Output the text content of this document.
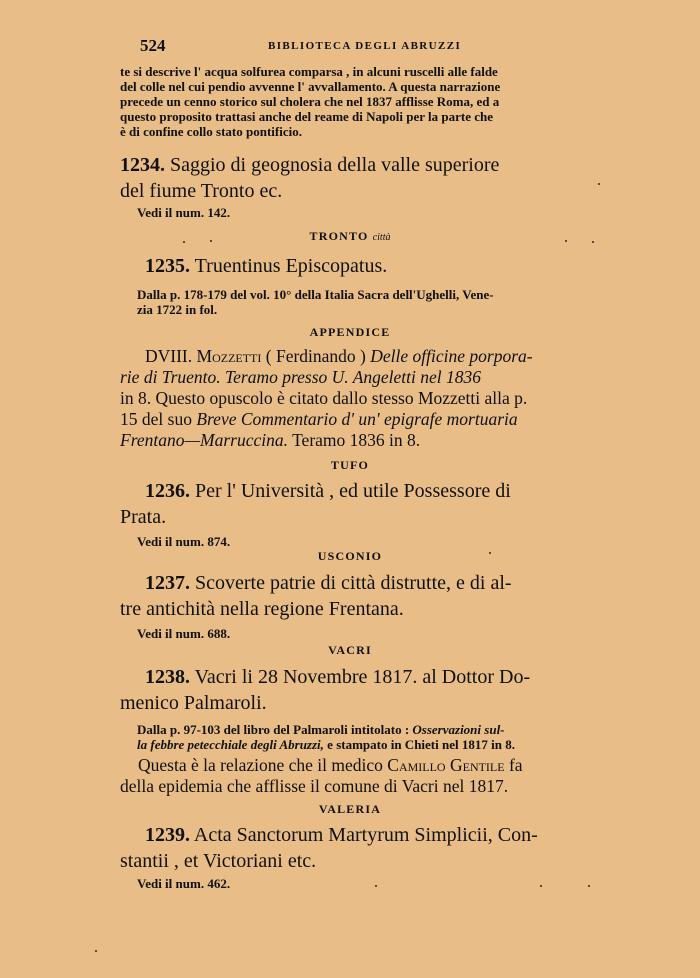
524	BIBLIOTECA DEGLI ABRUZZI
te si descrive l' acqua solfurea comparsa , in alcuni ruscelli alle falde
del colle nel cui pendio avvenne l' avvallamento. A questa narrazione
precede un cenno storico sul cholera che nel 1837 afflisse Roma, ed a
questo proposito trattasi anche del reame di Napoli per la parte che
è di confine collo stato pontificio.
1234. Saggio di geognosia della valle superiore
del fiume Tronto ec.
Vedi il num. 142.
TRONTO città
1235. Truentinus Episcopatus.
Dalla p. 178-179 del vol. 10° della Italia Sacra dell'Ughelli, Vene-
zia 1722 in fol.
APPENDICE
DVIII. Mozzetti ( Ferdinando ) Delle officine porpora-
rie di Truento. Teramo presso U. Angeletti nel 1836
in 8. Questo opuscolo è citato dallo stesso Mozzetti alla p.
15 del suo Breve Commentario d' un' epigrafe mortuaria
Frentano—Marruccina. Teramo 1836 in 8.
TUFO
1236. Per l' Università , ed utile Possessore di
Prata.
Vedi il num. 874.
USCONIO
1237. Scoverte patrie di città distrutte, e di al-
tre antichità nella regione Frentana.
Vedi il num. 688.
VACRI
1238. Vacri li 28 Novembre 1817. al Dottor Do-
menico Palmaroli.
Dalla p. 97-103 del libro del Palmaroli intitolato : Osservazioni sul-
la febbre petecchiale degli Abruzzi, e stampato in Chieti nel 1817 in 8.
Questa è la relazione che il medico Camillo Gentile fa
della epidemia che afflisse il comune di Vacri nel 1817.
VALERIA
1239. Acta Sanctorum Martyrum Simplicii, Con-
stantii , et Victoriani etc.
Vedi il num. 462.
